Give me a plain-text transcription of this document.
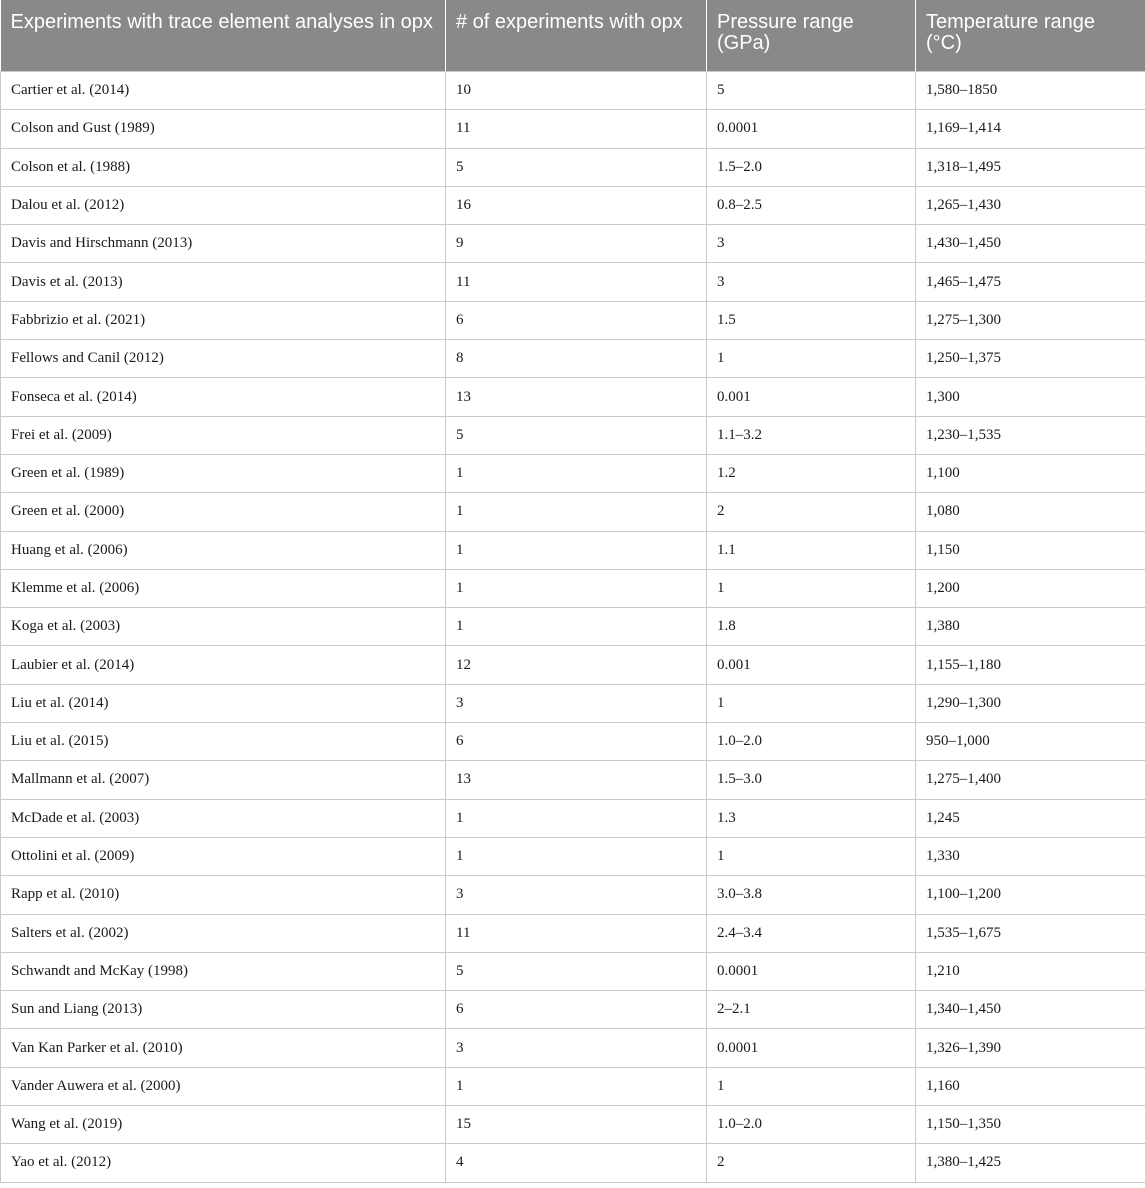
Experiments with trace element analyses in opx	# of experiments with opx	Pressure range (GPa)	Temperature range (°C)
Cartier et al. (2014)	10	5	1,580–1850
Colson and Gust (1989)	11	0.0001	1,169–1,414
Colson et al. (1988)	5	1.5–2.0	1,318–1,495
Dalou et al. (2012)	16	0.8–2.5	1,265–1,430
Davis and Hirschmann (2013)	9	3	1,430–1,450
Davis et al. (2013)	11	3	1,465–1,475
Fabbrizio et al. (2021)	6	1.5	1,275–1,300
Fellows and Canil (2012)	8	1	1,250–1,375
Fonseca et al. (2014)	13	0.001	1,300
Frei et al. (2009)	5	1.1–3.2	1,230–1,535
Green et al. (1989)	1	1.2	1,100
Green et al. (2000)	1	2	1,080
Huang et al. (2006)	1	1.1	1,150
Klemme et al. (2006)	1	1	1,200
Koga et al. (2003)	1	1.8	1,380
Laubier et al. (2014)	12	0.001	1,155–1,180
Liu et al. (2014)	3	1	1,290–1,300
Liu et al. (2015)	6	1.0–2.0	950–1,000
Mallmann et al. (2007)	13	1.5–3.0	1,275–1,400
McDade et al. (2003)	1	1.3	1,245
Ottolini et al. (2009)	1	1	1,330
Rapp et al. (2010)	3	3.0–3.8	1,100–1,200
Salters et al. (2002)	11	2.4–3.4	1,535–1,675
Schwandt and McKay (1998)	5	0.0001	1,210
Sun and Liang (2013)	6	2–2.1	1,340–1,450
Van Kan Parker et al. (2010)	3	0.0001	1,326–1,390
Vander Auwera et al. (2000)	1	1	1,160
Wang et al. (2019)	15	1.0–2.0	1,150–1,350
Yao et al. (2012)	4	2	1,380–1,425
